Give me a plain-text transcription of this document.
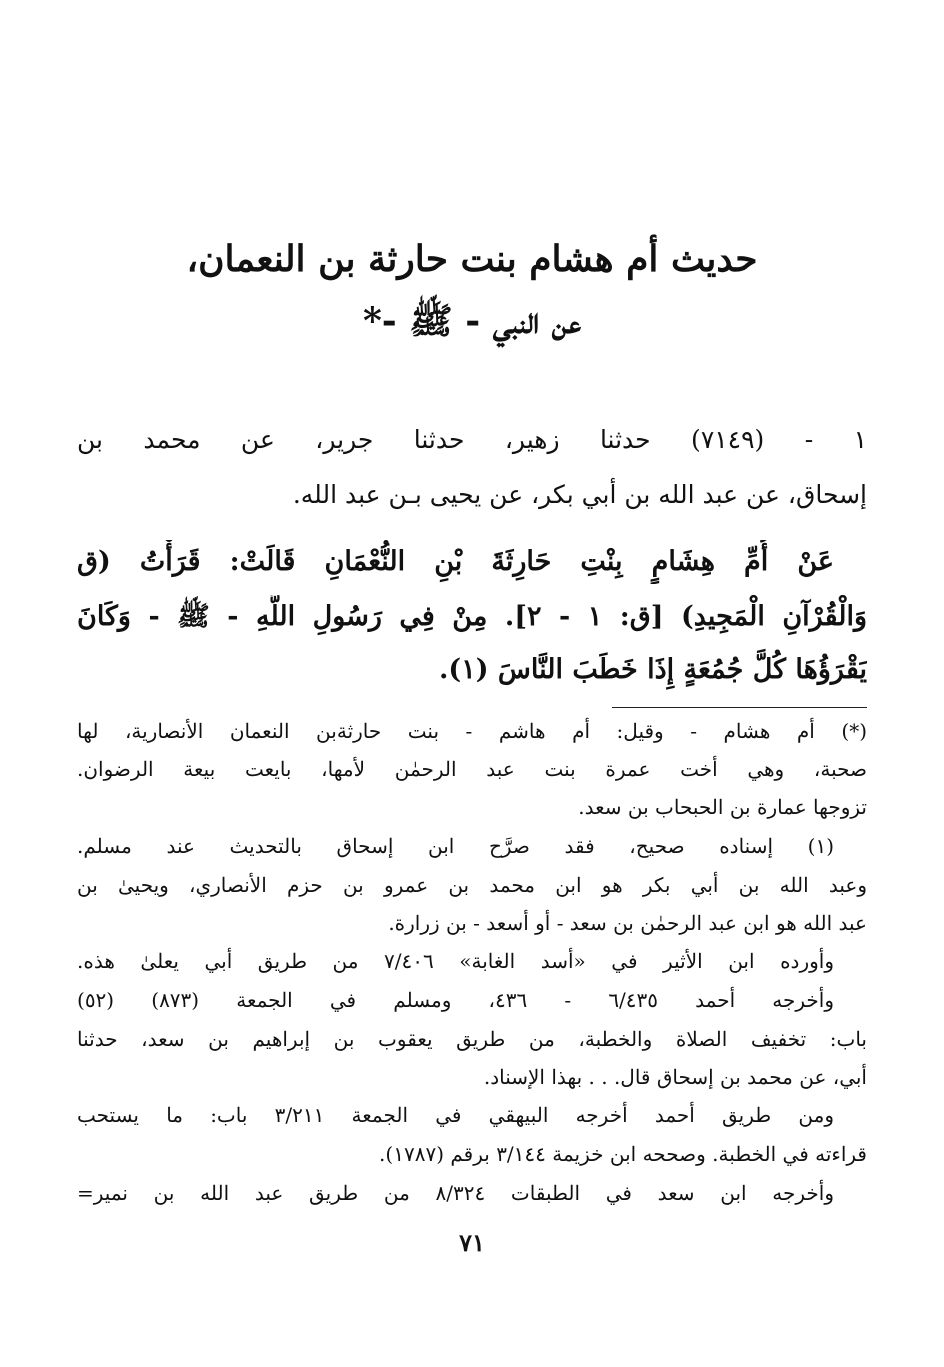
حديث أم هشام بنت حارثة بن النعمان،
عن النبي - ﷺ -*
١ - (٧١٤٩) حدثنا زهير، حدثنا جرير، عن محمد بن
إسحاق، عن عبد الله بن أبي بكر، عن يحيى بـن عبد الله.
عَنْ أُمِّ هِشَامٍ بِنْتِ حَارِثَةَ بْنِ النُّعْمَانِ قَالَتْ: قَرَأْتُ (ق
وَالْقُرْآنِ الْمَجِيدِ) [ق: ١ - ٢]. مِنْ فِي رَسُولِ اللَّهِ - ﷺ - وَكَانَ
يَقْرَؤُهَا كُلَّ جُمُعَةٍ إِذَا خَطَبَ النَّاسَ (١).
(*) أم هشام - وقيل: أم هاشم - بنت حارثةبن النعمان الأنصارية، لها
صحبة، وهي أخت عمرة بنت عبد الرحمٰن لأمها، بايعت بيعة الرضوان.
تزوجها عمارة بن الحبحاب بن سعد.
(١) إسناده صحيح، فقد صرَّح ابن إسحاق بالتحديث عند مسلم.
وعبد الله بن أبي بكر هو ابن محمد بن عمرو بن حزم الأنصاري، ويحيىٰ بن
عبد الله هو ابن عبد الرحمٰن بن سعد - أو أسعد - بن زرارة.
وأورده ابن الأثير في «أسد الغابة» ٧/٤٠٦ من طريق أبي يعلىٰ هذه.
وأخرجه أحمد ٦/٤٣٥ - ٤٣٦، ومسلم في الجمعة (٨٧٣) (٥٢)
باب: تخفيف الصلاة والخطبة، من طريق يعقوب بن إبراهيم بن سعد، حدثنا
أبي، عن محمد بن إسحاق قال. . . بهذا الإسناد.
ومن طريق أحمد أخرجه البيهقي في الجمعة ٣/٢١١ باب: ما يستحب
قراءته في الخطبة. وصححه ابن خزيمة ٣/١٤٤ برقم (١٧٨٧).
وأخرجه ابن سعد في الطبقات ٨/٣٢٤ من طريق عبد الله بن نمير=
٧١
